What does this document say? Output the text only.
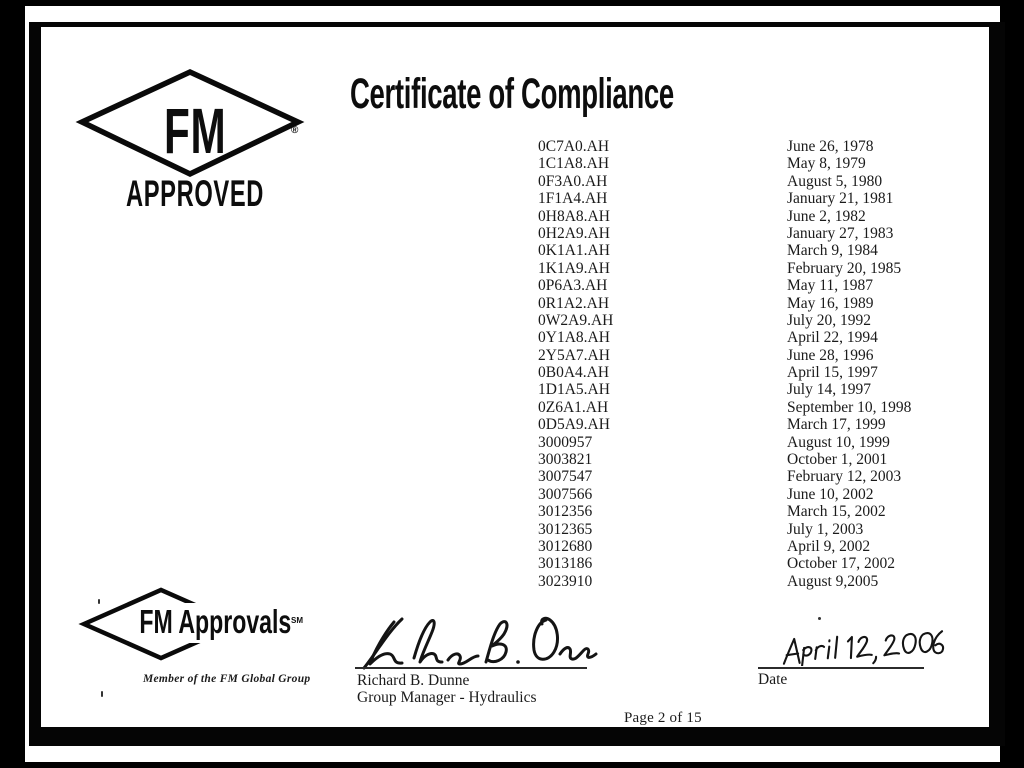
FM	®
APPROVED
Certificate of Compliance
0C7A0.AH	June 26, 1978
1C1A8.AH	May 8, 1979
0F3A0.AH	August 5, 1980
1F1A4.AH	January 21, 1981
0H8A8.AH	June 2, 1982
0H2A9.AH	January 27, 1983
0K1A1.AH	March 9, 1984
1K1A9.AH	February 20, 1985
0P6A3.AH	May 11, 1987
0R1A2.AH	May 16, 1989
0W2A9.AH	July 20, 1992
0Y1A8.AH	April 22, 1994
2Y5A7.AH	June 28, 1996
0B0A4.AH	April 15, 1997
1D1A5.AH	July 14, 1997
0Z6A1.AH	September 10, 1998
0D5A9.AH	March 17, 1999
3000957	August 10, 1999
3003821	October 1, 2001
3007547	February 12, 2003
3007566	June 10, 2002
3012356	March 15, 2002
3012365	July 1, 2003
3012680	April 9, 2002
3013186	October 17, 2002
3023910	August 9,2005
FM Approvals SM
Member of the FM Global Group	Richard B. Dunne
Group Manager - Hydraulics
Date
Page 2 of 15
